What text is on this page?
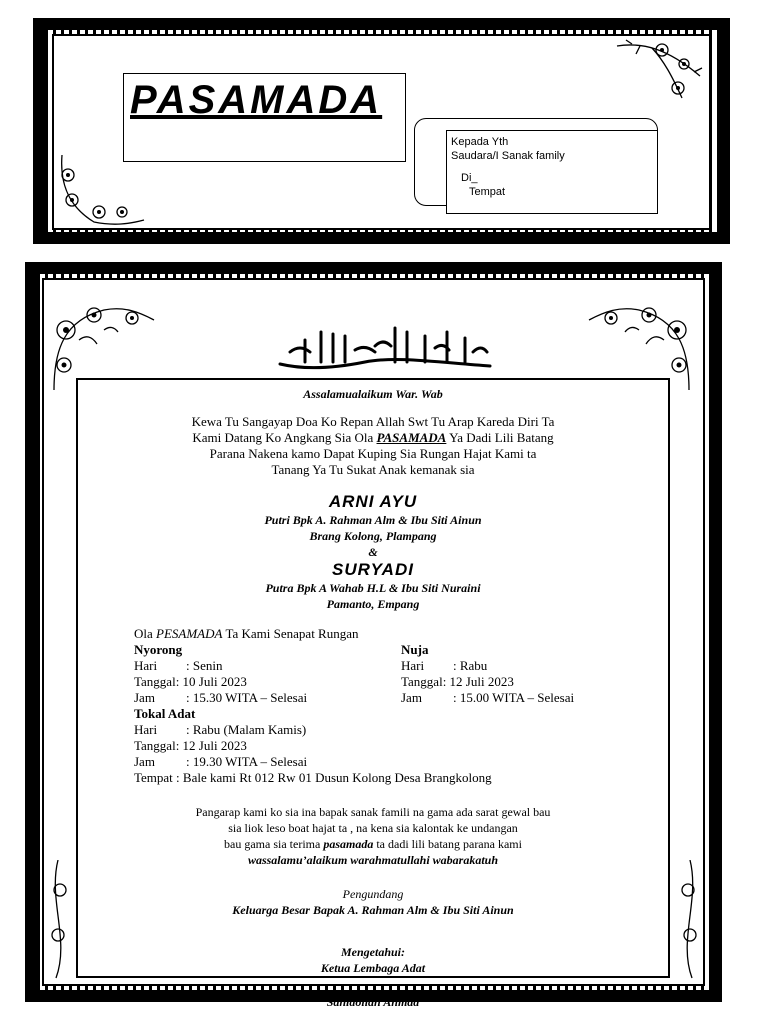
PASAMADA
Kepada Yth
Saudara/I Sanak family
Di_
Tempat
Assalamualaikum War. Wab
Kewa Tu Sangayap Doa Ko Repan Allah Swt Tu Arap Kareda Diri Ta
Kami Datang Ko Angkang Sia Ola PASAMADA Ya Dadi Lili Batang
Parana Nakena kamo Dapat Kuping Sia Rungan Hajat Kami ta
Tanang Ya Tu Sukat Anak kemanak sia
ARNI AYU
Putri Bpk A. Rahman Alm & Ibu Siti Ainun
Brang Kolong, Plampang
&
SURYADI
Putra Bpk A Wahab H.L & Ibu Siti Nuraini
Pamanto, Empang
Ola PESAMADA Ta Kami Senapat Rungan
Nyorong
Hari : Senin
Tanggal: 10 Juli 2023
Jam : 15.30 WITA – Selesai
Nuja
Hari : Rabu
Tanggal: 12 Juli 2023
Jam : 15.00 WITA – Selesai
Tokal Adat
Hari : Rabu (Malam Kamis)
Tanggal: 12 Juli 2023
Jam : 19.30 WITA – Selesai
Tempat : Bale kami Rt 012 Rw 01 Dusun Kolong Desa Brangkolong
Pangarap kami ko sia ina bapak sanak famili na gama ada sarat gewal bau
sia liok leso boat hajat ta , na kena sia kalontak ke undangan
bau gama sia terima pasamada ta dadi lili batang parana kami
wassalamu’alaikum warahmatullahi wabarakatuh
Pengundang
Keluarga Besar Bapak A. Rahman Alm & Ibu Siti Ainun
Mengetahui:
Ketua Lembaga Adat
Sahidollah Ahmad
